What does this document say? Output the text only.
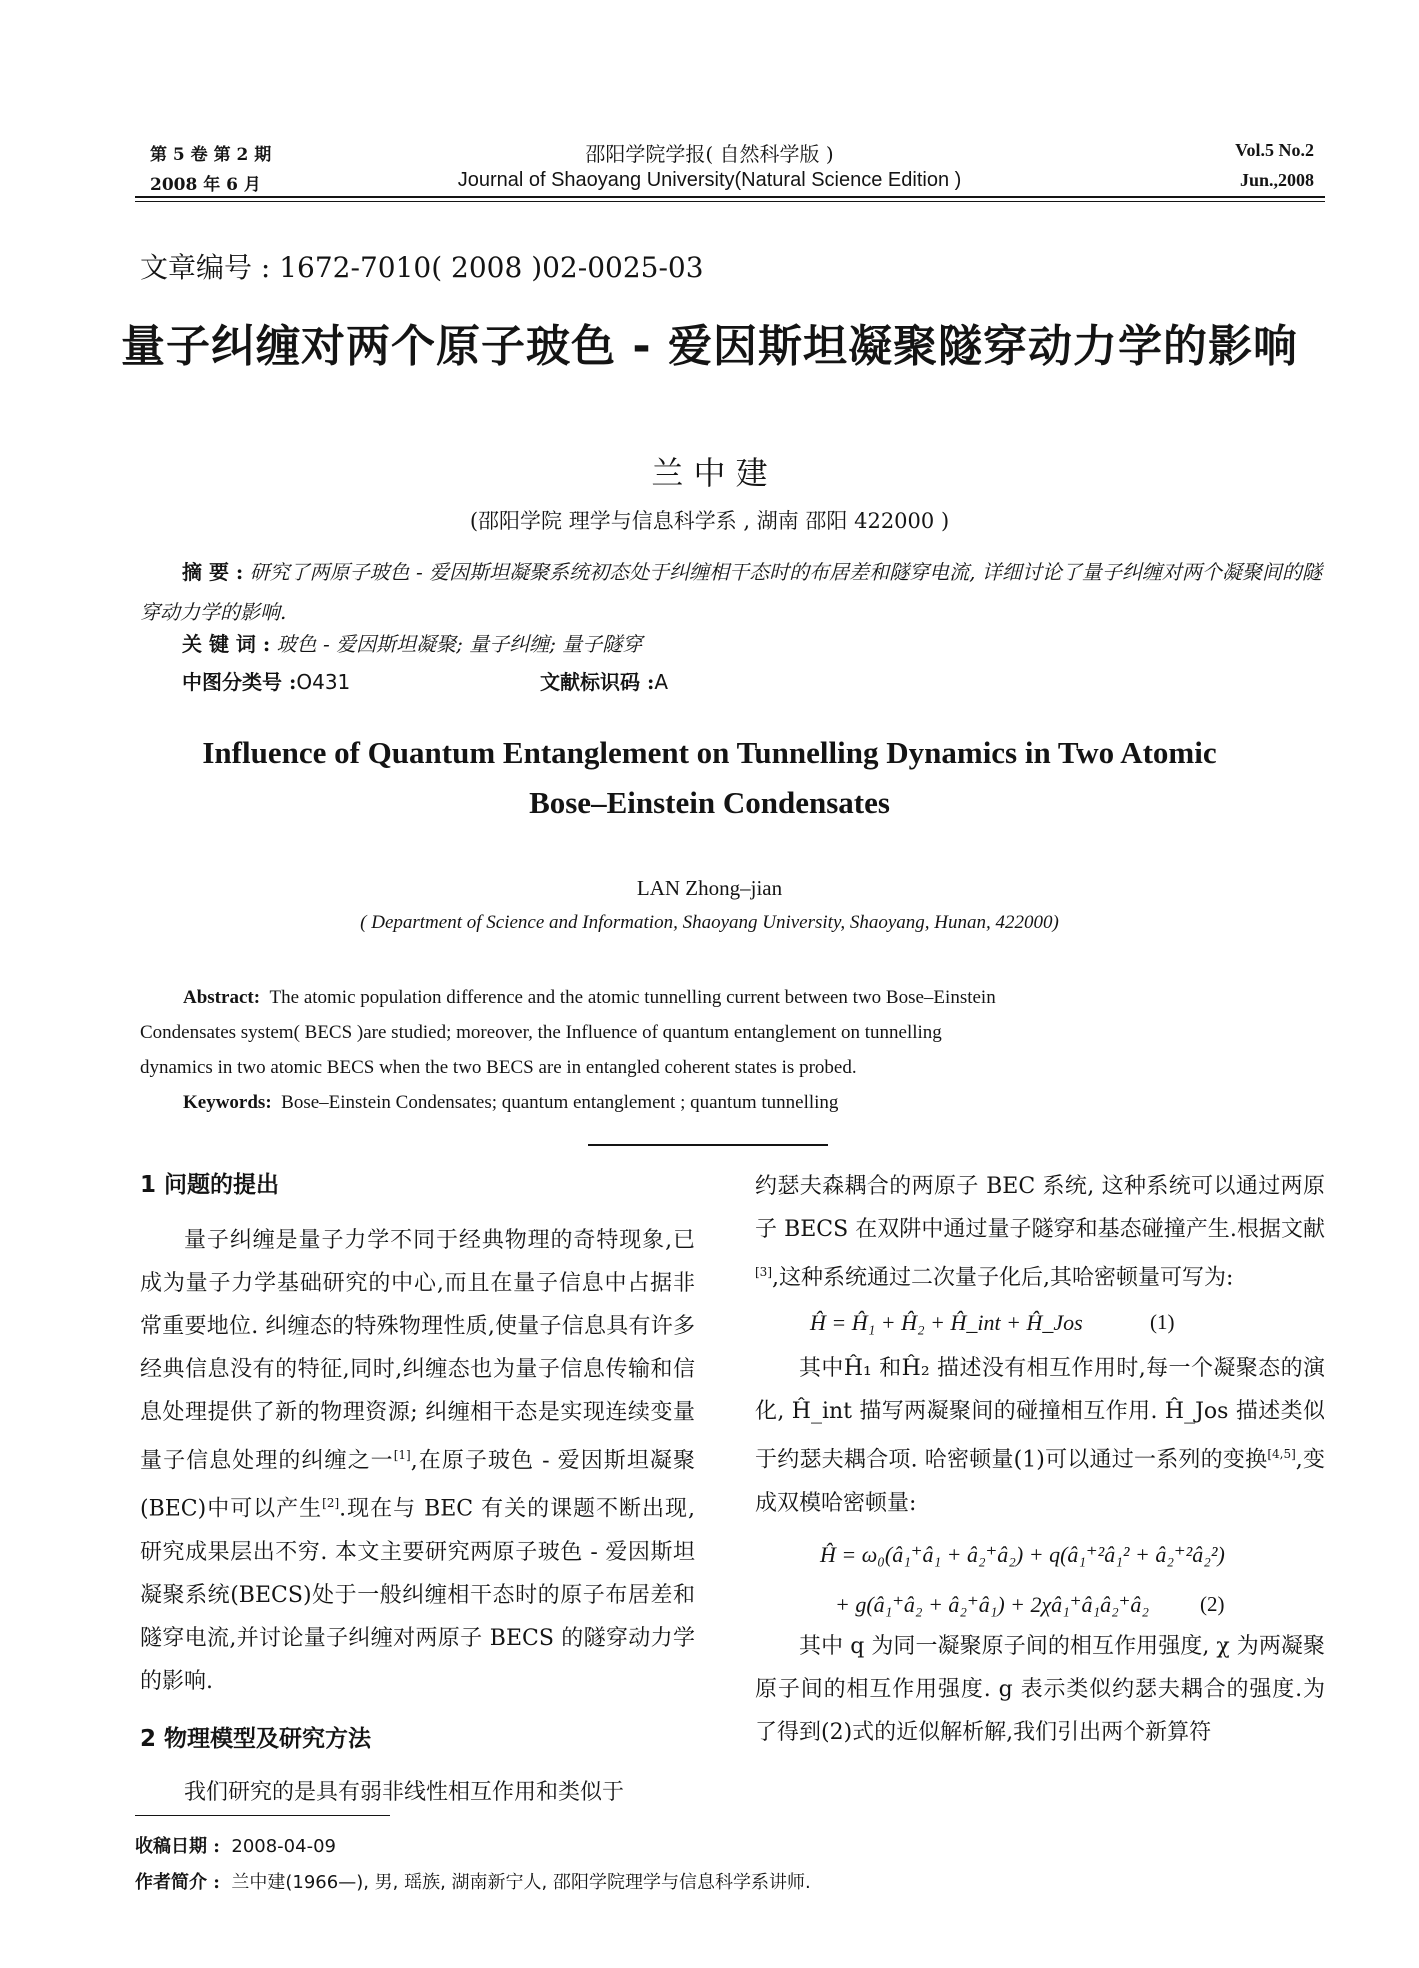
第 5 卷 第 2 期
2008 年 6 月
邵阳学院学报( 自然科学版 )
Journal of Shaoyang University(Natural Science Edition )
Vol.5 No.2
Jun.,2008
文章编号 : 1672-7010( 2008 )02-0025-03
量子纠缠对两个原子玻色 - 爱因斯坦凝聚隧穿动力学的影响
兰 中 建
(邵阳学院 理学与信息科学系 , 湖南 邵阳 422000 )
摘 要 : 研究了两原子玻色 - 爱因斯坦凝聚系统初态处于纠缠相干态时的布居差和隧穿电流, 详细讨论了量子纠缠对两个凝聚间的隧穿动力学的影响.
关 键 词 : 玻色 - 爱因斯坦凝聚; 量子纠缠; 量子隧穿
中图分类号 :O431	文献标识码 :A
Influence of Quantum Entanglement on Tunnelling Dynamics in Two Atomic
Bose–Einstein Condensates
LAN Zhong–jian
( Department of Science and Information, Shaoyang University, Shaoyang, Hunan, 422000)
Abstract: The atomic population difference and the atomic tunnelling current between two Bose–Einstein
Condensates system( BECS )are studied; moreover, the Influence of quantum entanglement on tunnelling
dynamics in two atomic BECS when the two BECS are in entangled coherent states is probed.
Keywords: Bose–Einstein Condensates; quantum entanglement ; quantum tunnelling
1 问题的提出

量子纠缠是量子力学不同于经典物理的奇特现象,已成为量子力学基础研究的中心,而且在量子信息中占据非常重要地位. 纠缠态的特殊物理性质,使量子信息具有许多经典信息没有的特征,同时,纠缠态也为量子信息传输和信息处理提供了新的物理资源; 纠缠相干态是实现连续变量量子信息处理的纠缠之一[1],在原子玻色 - 爱因斯坦凝聚(BEC)中可以产生[2].现在与 BEC 有关的课题不断出现,研究成果层出不穷. 本文主要研究两原子玻色 - 爱因斯坦凝聚系统(BECS)处于一般纠缠相干态时的原子布居差和隧穿电流,并讨论量子纠缠对两原子 BECS 的隧穿动力学的影响.

2 物理模型及研究方法

我们研究的是具有弱非线性相互作用和类似于

约瑟夫森耦合的两原子 BEC 系统, 这种系统可以通过两原子 BECS 在双阱中通过量子隧穿和基态碰撞产生.根据文献[3],这种系统通过二次量子化后,其哈密顿量可写为:

Ĥ = Ĥ₁ + Ĥ₂ + Ĥ_int + Ĥ_Jos	(1)

其中Ĥ₁ 和Ĥ₂ 描述没有相互作用时,每一个凝聚态的演化, Ĥ_int 描写两凝聚间的碰撞相互作用. Ĥ_Jos 描述类似于约瑟夫耦合项. 哈密顿量(1)可以通过一系列的变换[4,5],变成双模哈密顿量:

Ĥ = ω₀(â₁⁺â₁ + â₂⁺â₂) + q(â₁⁺²â₁² + â₂⁺²â₂²)
+ g(â₁⁺â₂ + â₂⁺â₁) + 2χâ₁⁺â₁â₂⁺â₂ (2)

其中 q 为同一凝聚原子间的相互作用强度, χ 为两凝聚原子间的相互作用强度. g 表示类似约瑟夫耦合的强度.为了得到(2)式的近似解析解,我们引出两个新算符

收稿日期 : 2008-04-09
作者简介 : 兰中建(1966—), 男, 瑶族, 湖南新宁人, 邵阳学院理学与信息科学系讲师.
